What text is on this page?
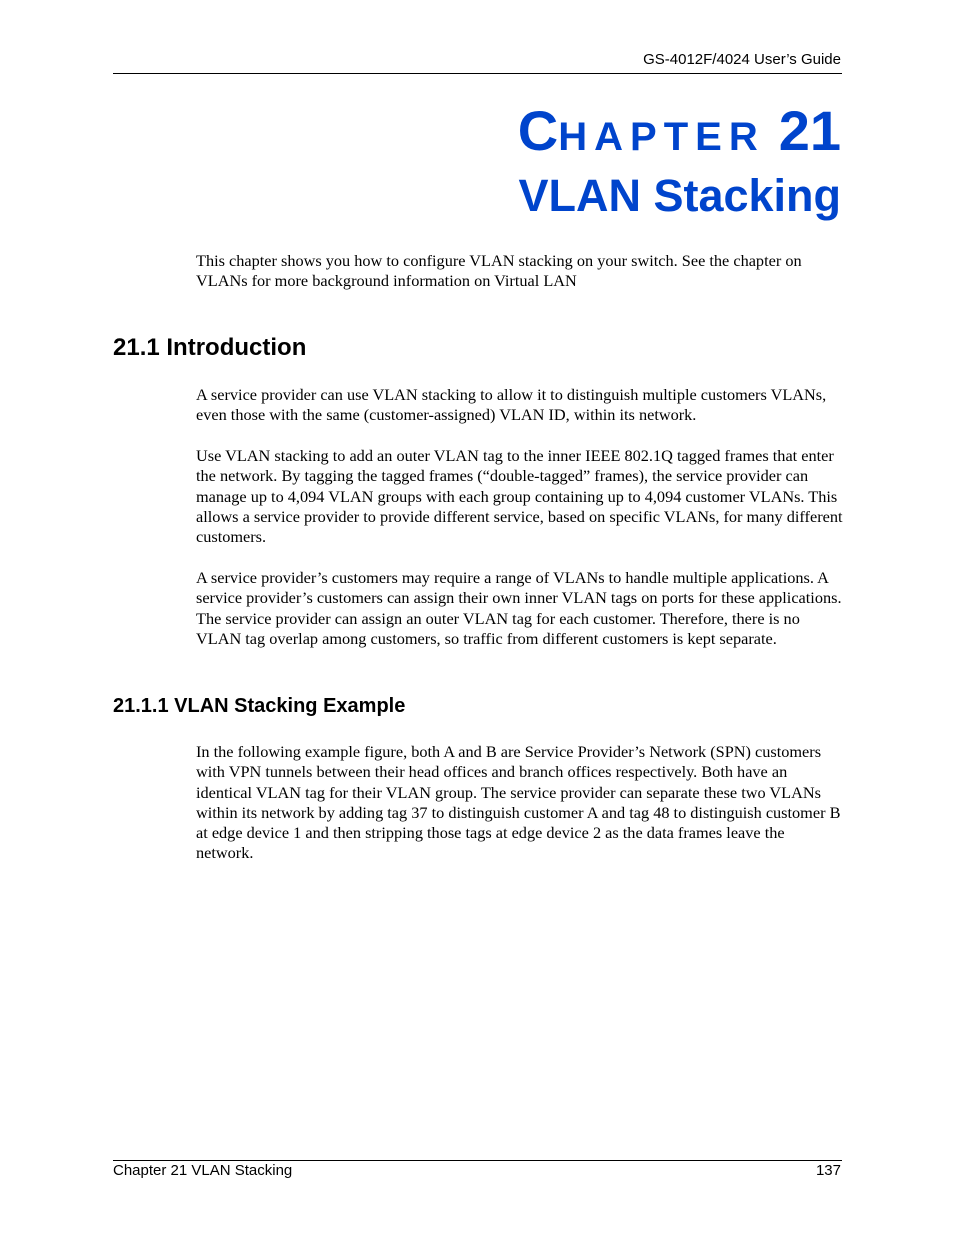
GS-4012F/4024 User’s Guide
CHAPTER 21
VLAN Stacking

This chapter shows you how to configure VLAN stacking on your switch. See the chapter on VLANs for more background information on Virtual LAN

21.1 Introduction

A service provider can use VLAN stacking to allow it to distinguish multiple customers VLANs, even those with the same (customer-assigned) VLAN ID, within its network.

Use VLAN stacking to add an outer VLAN tag to the inner IEEE 802.1Q tagged frames that enter the network. By tagging the tagged frames (“double-tagged” frames), the service provider can manage up to 4,094 VLAN groups with each group containing up to 4,094 customer VLANs. This allows a service provider to provide different service, based on specific VLANs, for many different customers.

A service provider’s customers may require a range of VLANs to handle multiple applications. A service provider’s customers can assign their own inner VLAN tags on ports for these applications. The service provider can assign an outer VLAN tag for each customer. Therefore, there is no VLAN tag overlap among customers, so traffic from different customers is kept separate.

21.1.1 VLAN Stacking Example

In the following example figure, both A and B are Service Provider’s Network (SPN) customers with VPN tunnels between their head offices and branch offices respectively. Both have an identical VLAN tag for their VLAN group. The service provider can separate these two VLANs within its network by adding tag 37 to distinguish customer A and tag 48 to distinguish customer B at edge device 1 and then stripping those tags at edge device 2 as the data frames leave the network.

Chapter 21 VLAN Stacking	137
